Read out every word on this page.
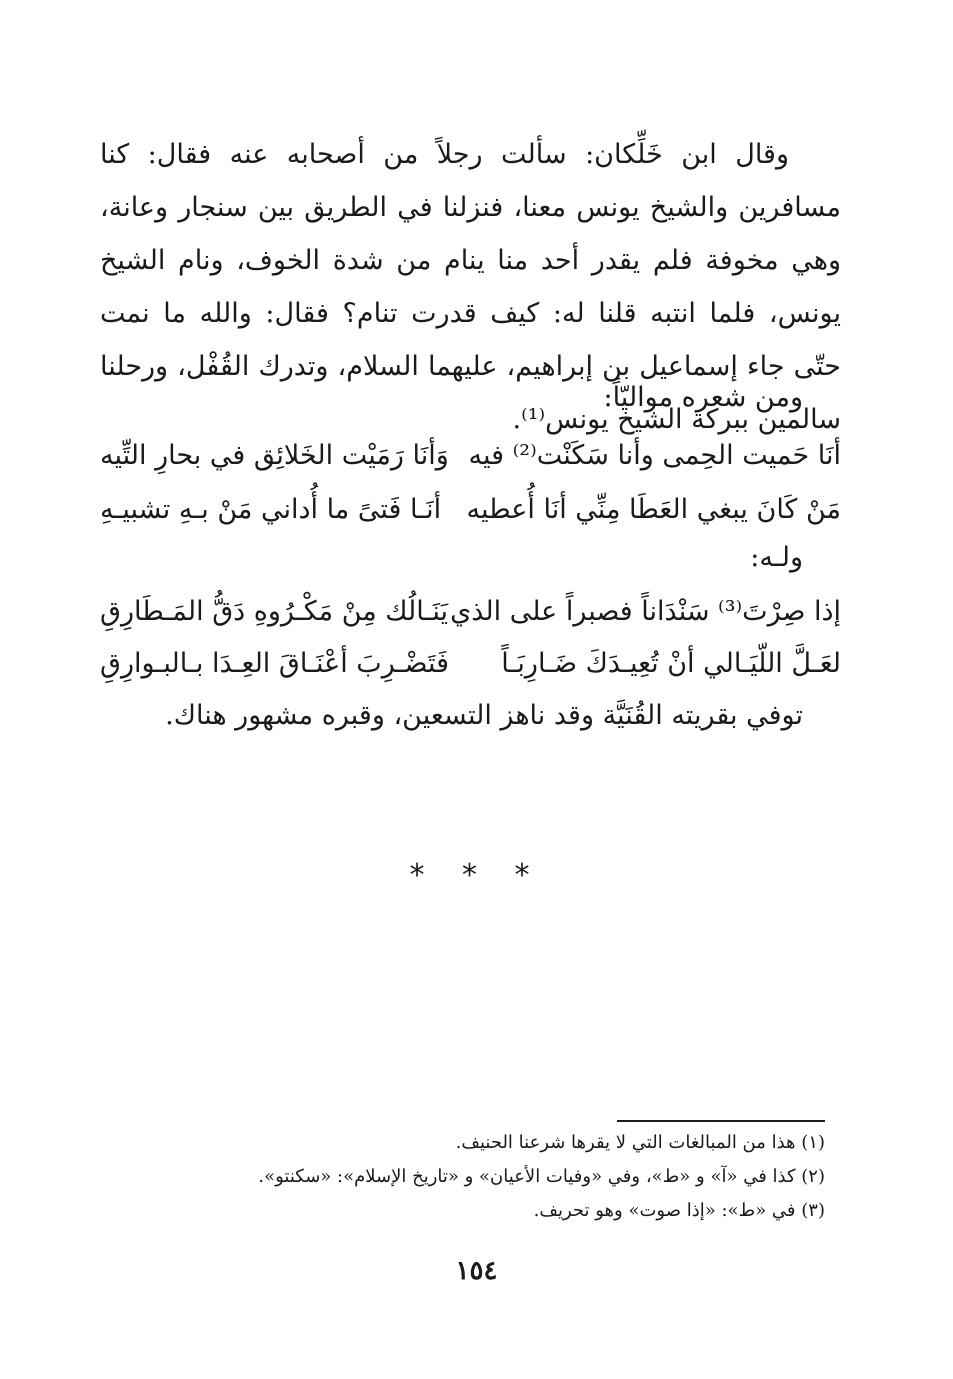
وقال ابن خَلِّكان: سألت رجلاً من أصحابه عنه فقال: كنا مسافرين والشيخ يونس معنا، فنزلنا في الطريق بين سنجار وعانة، وهي مخوفة فلم يقدر أحد منا ينام من شدة الخوف، ونام الشيخ يونس، فلما انتبه قلنا له: كيف قدرت تنام؟ فقال: والله ما نمت حتّى جاء إسماعيل بن إبراهيم، عليهما السلام، وتدرك القُفْل، ورحلنا سالمين ببركة الشيخ يونس⁽¹⁾.

ومن شعره مواليّاً:
أنَا حَميت الحِمى وأنا سَكَنْت⁽²⁾ فيه
وَأنَا رَمَيْت الخَلائِق في بحارِ التِّيه
مَنْ كَانَ يبغي العَطَا مِنِّي أنَا أُعطيه
أنَـا فَتىً ما أُداني مَنْ بـهِ تشبيـهِ
ولـه:
إذا صِرْتَ⁽³⁾ سَنْدَاناً فصبراً على الذي
يَنَـالُك مِنْ مَكْـرُوهِ دَقُّ المَـطَارِقِ
لعَـلَّ اللّيَـالي أنْ تُعِيـدَكَ ضَـارِبَـاً
فَتَضْـرِبَ أعْنَـاقَ العِـدَا بـالبـوارِقِ
توفي بقريته القُنَيَّة وقد ناهز التسعين، وقبره مشهور هناك.
* * *
(١) هذا من المبالغات التي لا يقرها شرعنا الحنيف.
(٢) كذا في «آ» و «ط»، وفي «وفيات الأعيان» و «تاريخ الإسلام»: «سكنتو».
(٣) في «ط»: «إذا صوت» وهو تحريف.
١٥٤
